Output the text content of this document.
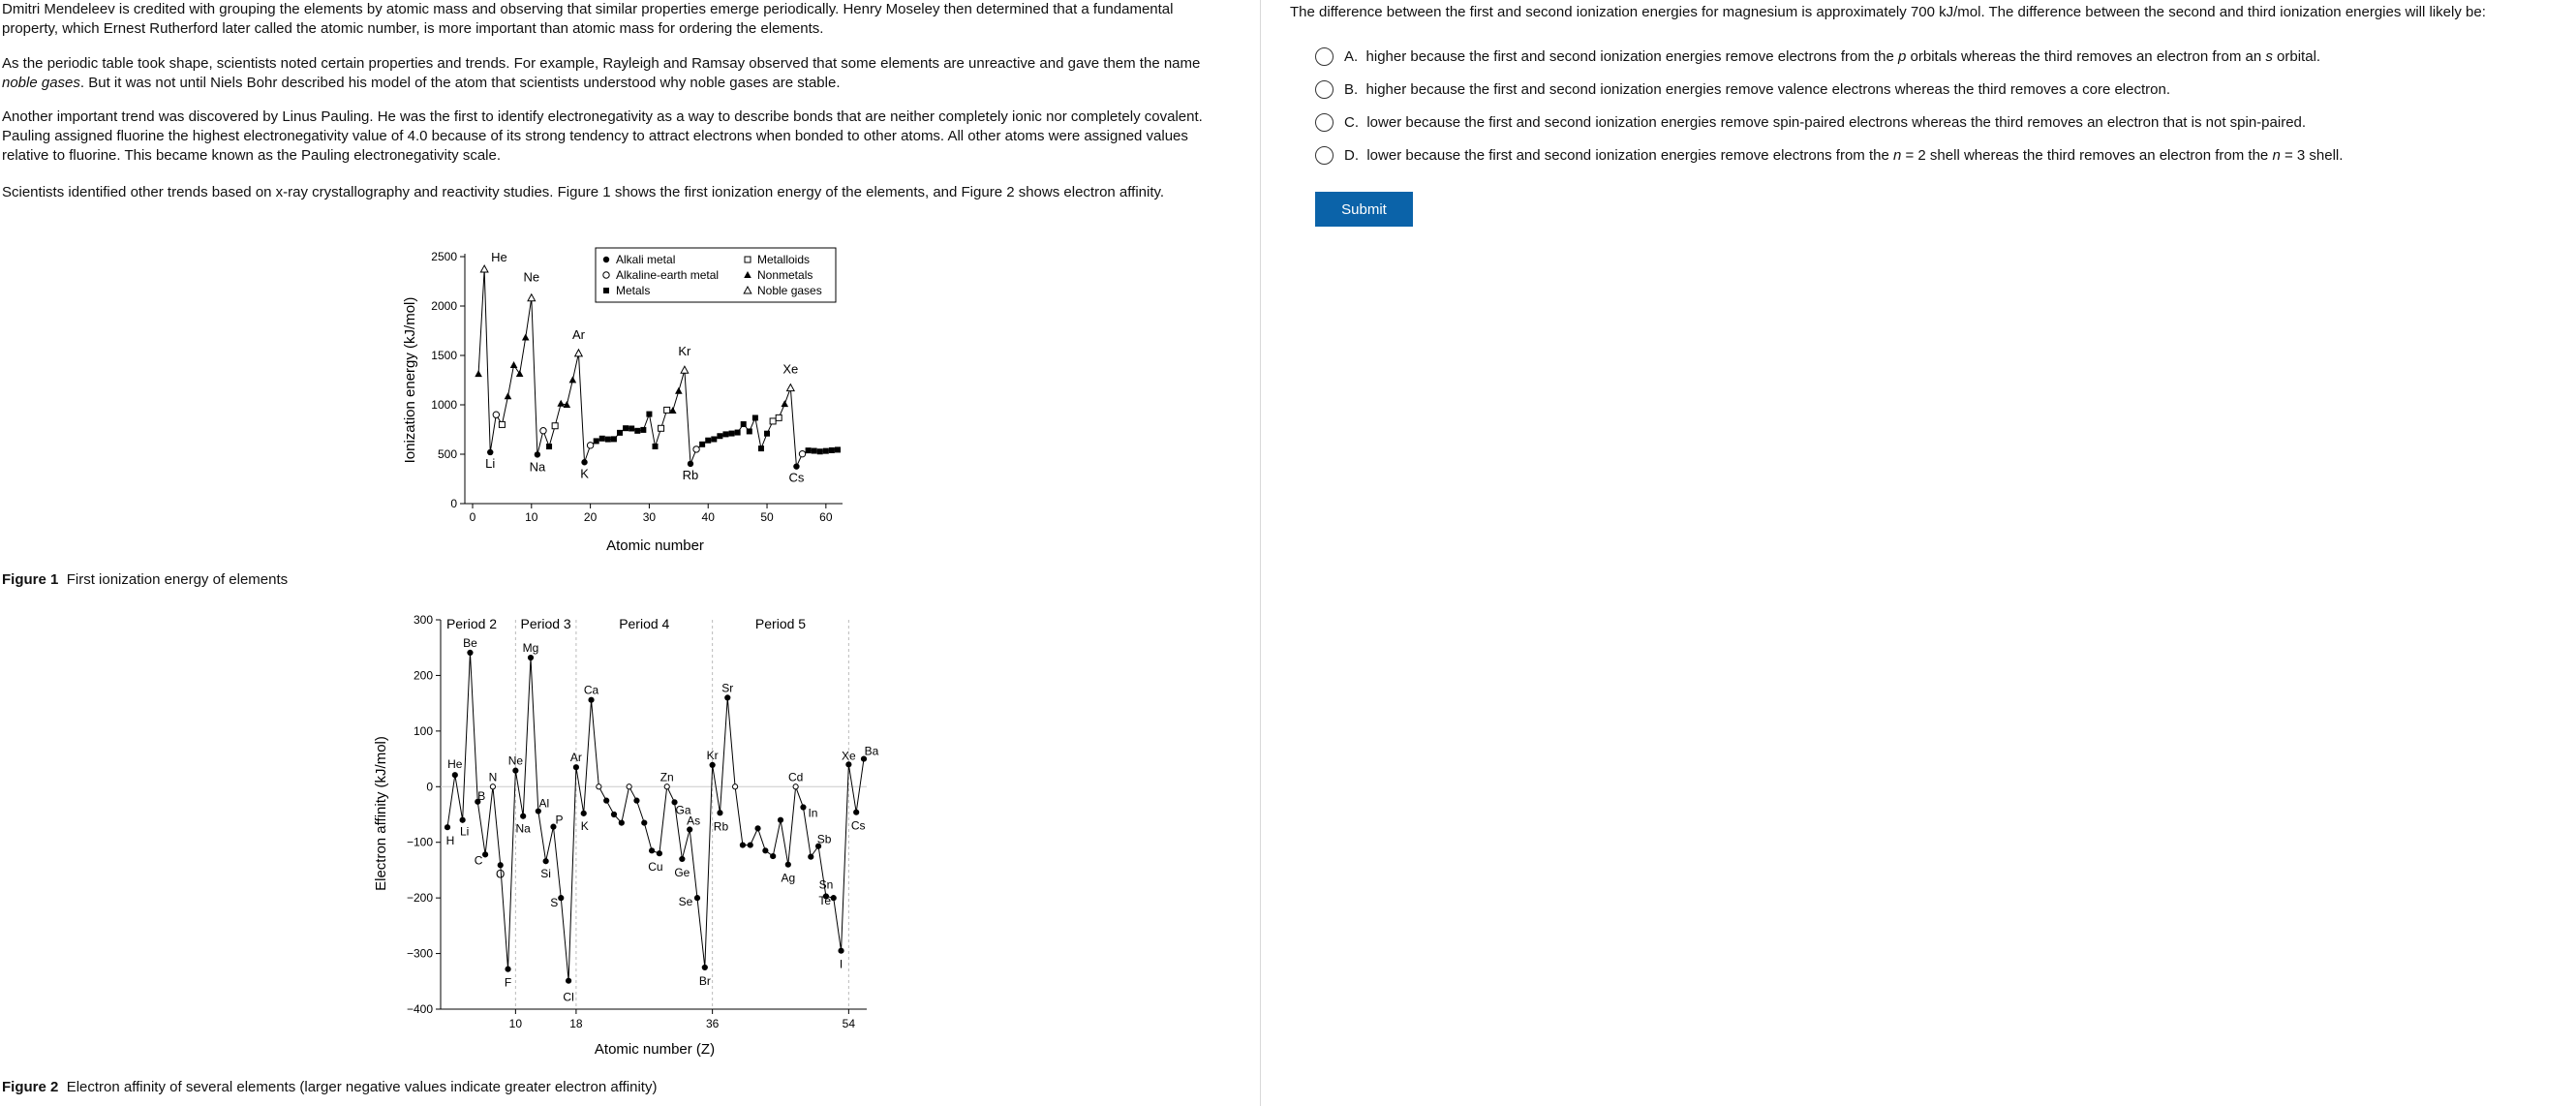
Dmitri Mendeleev is credited with grouping the elements by atomic mass and observing that similar properties emerge periodically. Henry Moseley then determined that a fundamental property, which Ernest Rutherford later called the atomic number, is more important than atomic mass for ordering the elements.

As the periodic table took shape, scientists noted certain properties and trends. For example, Rayleigh and Ramsay observed that some elements are unreactive and gave them the name noble gases. But it was not until Niels Bohr described his model of the atom that scientists understood why noble gases are stable.

Another important trend was discovered by Linus Pauling. He was the first to identify electronegativity as a way to describe bonds that are neither completely ionic nor completely covalent. Pauling assigned fluorine the highest electronegativity value of 4.0 because of its strong tendency to attract electrons when bonded to other atoms. All other atoms were assigned values relative to fluorine. This became known as the Pauling electronegativity scale.

Scientists identified other trends based on x-ray crystallography and reactivity studies. Figure 1 shows the first ionization energy of the elements, and Figure 2 shows electron affinity.

0	10	20	30	40	50	60
0
500
1000
1500
2000
2500
Atomic number
Ionization energy (kJ/mol)
He
Ne
Ar
Kr
Xe
Li	Na	K	Rb	Cs
Alkali metal
Alkaline-earth metal
Metals
Metalloids
Nonmetals
Noble gases
Figure 1 First ionization energy of elements
300
200
100
0
−100
−200
−300
−400
10	18	36	54
Period 2 Period 3	Period 4	Period 5
Atomic number (Z)
Electron affinity (kJ/mol)	H
He
Li
Be
B
C
N
O
F
Ne
Na
Mg
Al
Si
P
S
Cl
Ar
K
Ca
Cu
Zn
Ga
Ge
As
Se
Br
Kr
Rb
Sr
Ag
Cd
In
Sb
Sn
Te
I
Xe
Cs
Ba
Figure 2 Electron affinity of several elements (larger negative values indicate greater electron affinity)
The difference between the first and second ionization energies for magnesium is approximately 700 kJ/mol. The difference between the second and third ionization energies will likely be:
A. higher because the first and second ionization energies remove electrons from the p orbitals whereas the third removes an electron from an s orbital.
B. higher because the first and second ionization energies remove valence electrons whereas the third removes a core electron.
C. lower because the first and second ionization energies remove spin-paired electrons whereas the third removes an electron that is not spin-paired.
D. lower because the first and second ionization energies remove electrons from the n = 2 shell whereas the third removes an electron from the n = 3 shell.
Submit
